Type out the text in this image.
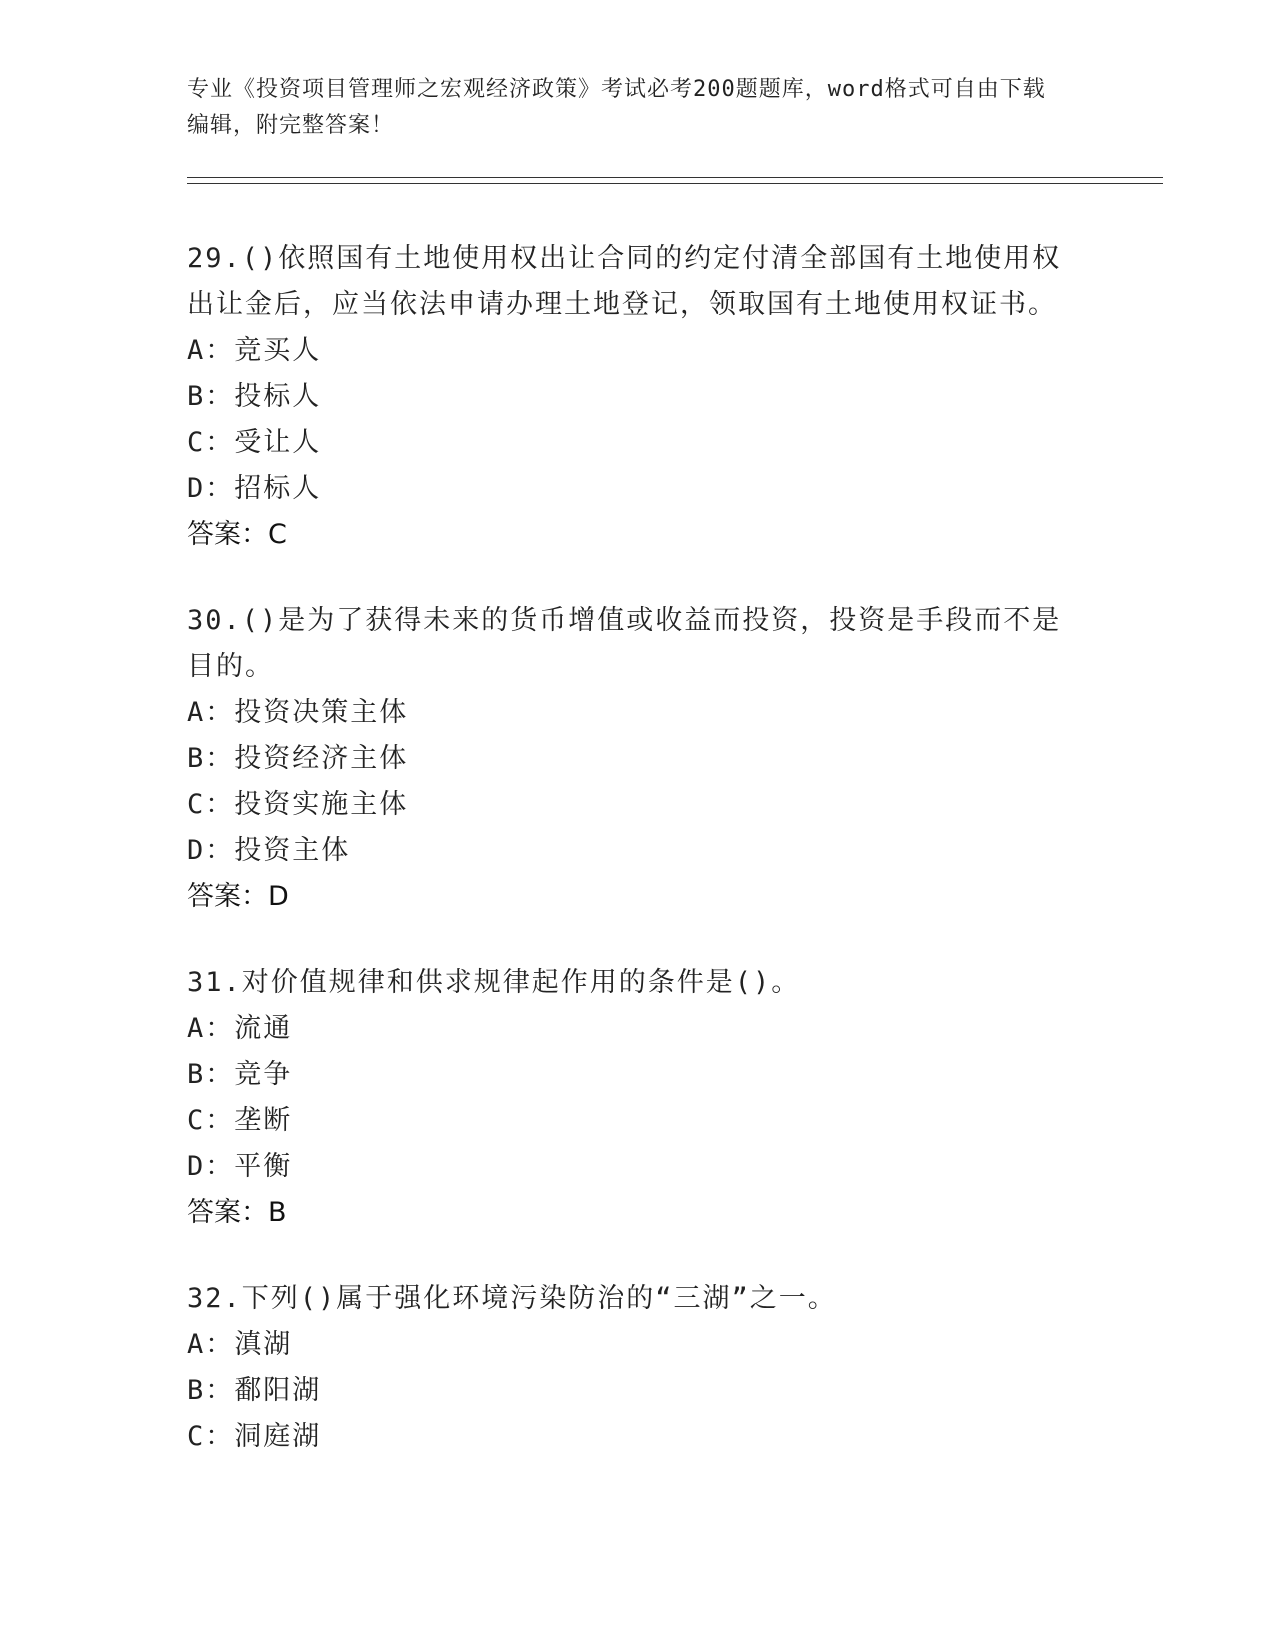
专业《投资项目管理师之宏观经济政策》考试必考200题题库，word格式可自由下载编辑，附完整答案！
29.()依照国有土地使用权出让合同的约定付清全部国有土地使用权出让金后，应当依法申请办理土地登记，领取国有土地使用权证书。
A：竞买人
B：投标人
C：受让人
D：招标人
答案：C
30.()是为了获得未来的货币增值或收益而投资，投资是手段而不是目的。
A：投资决策主体
B：投资经济主体
C：投资实施主体
D：投资主体
答案：D
31.对价值规律和供求规律起作用的条件是()。
A：流通
B：竞争
C：垄断
D：平衡
答案：B
32.下列()属于强化环境污染防治的“三湖”之一。
A：滇湖
B：鄱阳湖
C：洞庭湖
